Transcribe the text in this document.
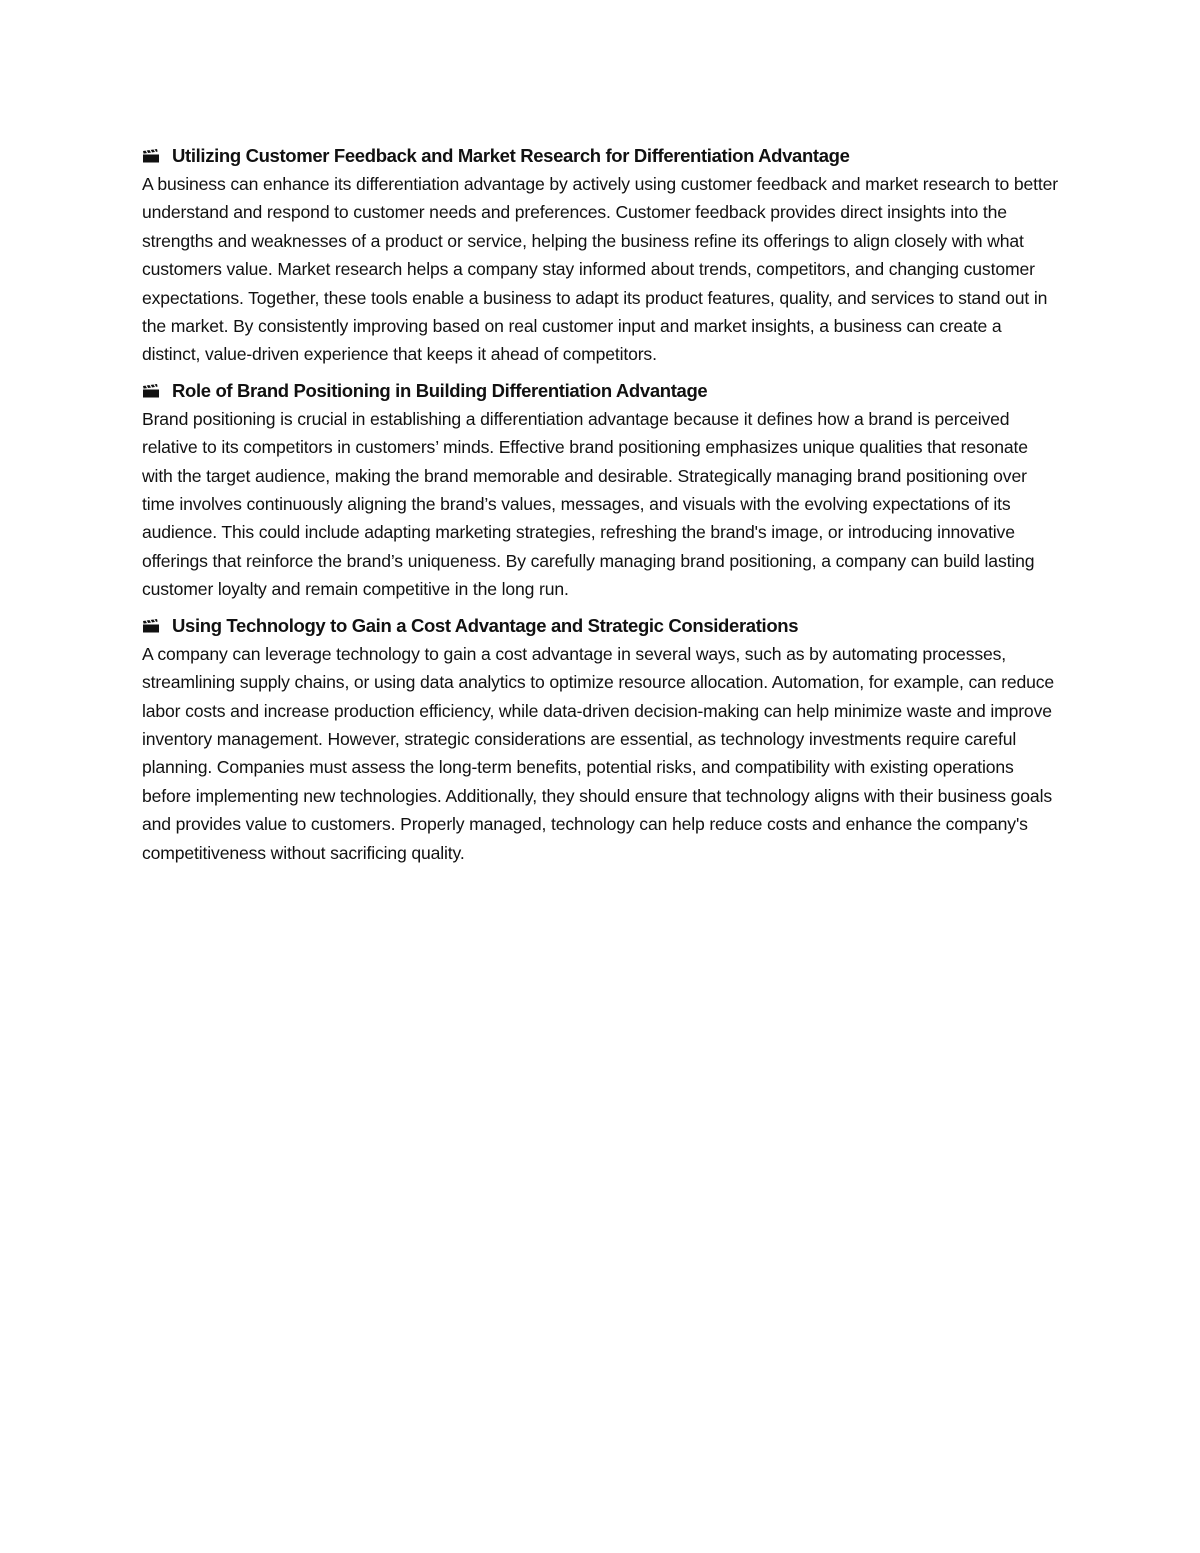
Utilizing Customer Feedback and Market Research for Differentiation Advantage

A business can enhance its differentiation advantage by actively using customer feedback and market research to better understand and respond to customer needs and preferences. Customer feedback provides direct insights into the strengths and weaknesses of a product or service, helping the business refine its offerings to align closely with what customers value. Market research helps a company stay informed about trends, competitors, and changing customer expectations. Together, these tools enable a business to adapt its product features, quality, and services to stand out in the market. By consistently improving based on real customer input and market insights, a business can create a distinct, value-driven experience that keeps it ahead of competitors.

Role of Brand Positioning in Building Differentiation Advantage

Brand positioning is crucial in establishing a differentiation advantage because it defines how a brand is perceived relative to its competitors in customers’ minds. Effective brand positioning emphasizes unique qualities that resonate with the target audience, making the brand memorable and desirable. Strategically managing brand positioning over time involves continuously aligning the brand’s values, messages, and visuals with the evolving expectations of its audience. This could include adapting marketing strategies, refreshing the brand's image, or introducing innovative offerings that reinforce the brand’s uniqueness. By carefully managing brand positioning, a company can build lasting customer loyalty and remain competitive in the long run.

Using Technology to Gain a Cost Advantage and Strategic Considerations

A company can leverage technology to gain a cost advantage in several ways, such as by automating processes, streamlining supply chains, or using data analytics to optimize resource allocation. Automation, for example, can reduce labor costs and increase production efficiency, while data-driven decision-making can help minimize waste and improve inventory management. However, strategic considerations are essential, as technology investments require careful planning. Companies must assess the long-term benefits, potential risks, and compatibility with existing operations before implementing new technologies. Additionally, they should ensure that technology aligns with their business goals and provides value to customers. Properly managed, technology can help reduce costs and enhance the company's competitiveness without sacrificing quality.
